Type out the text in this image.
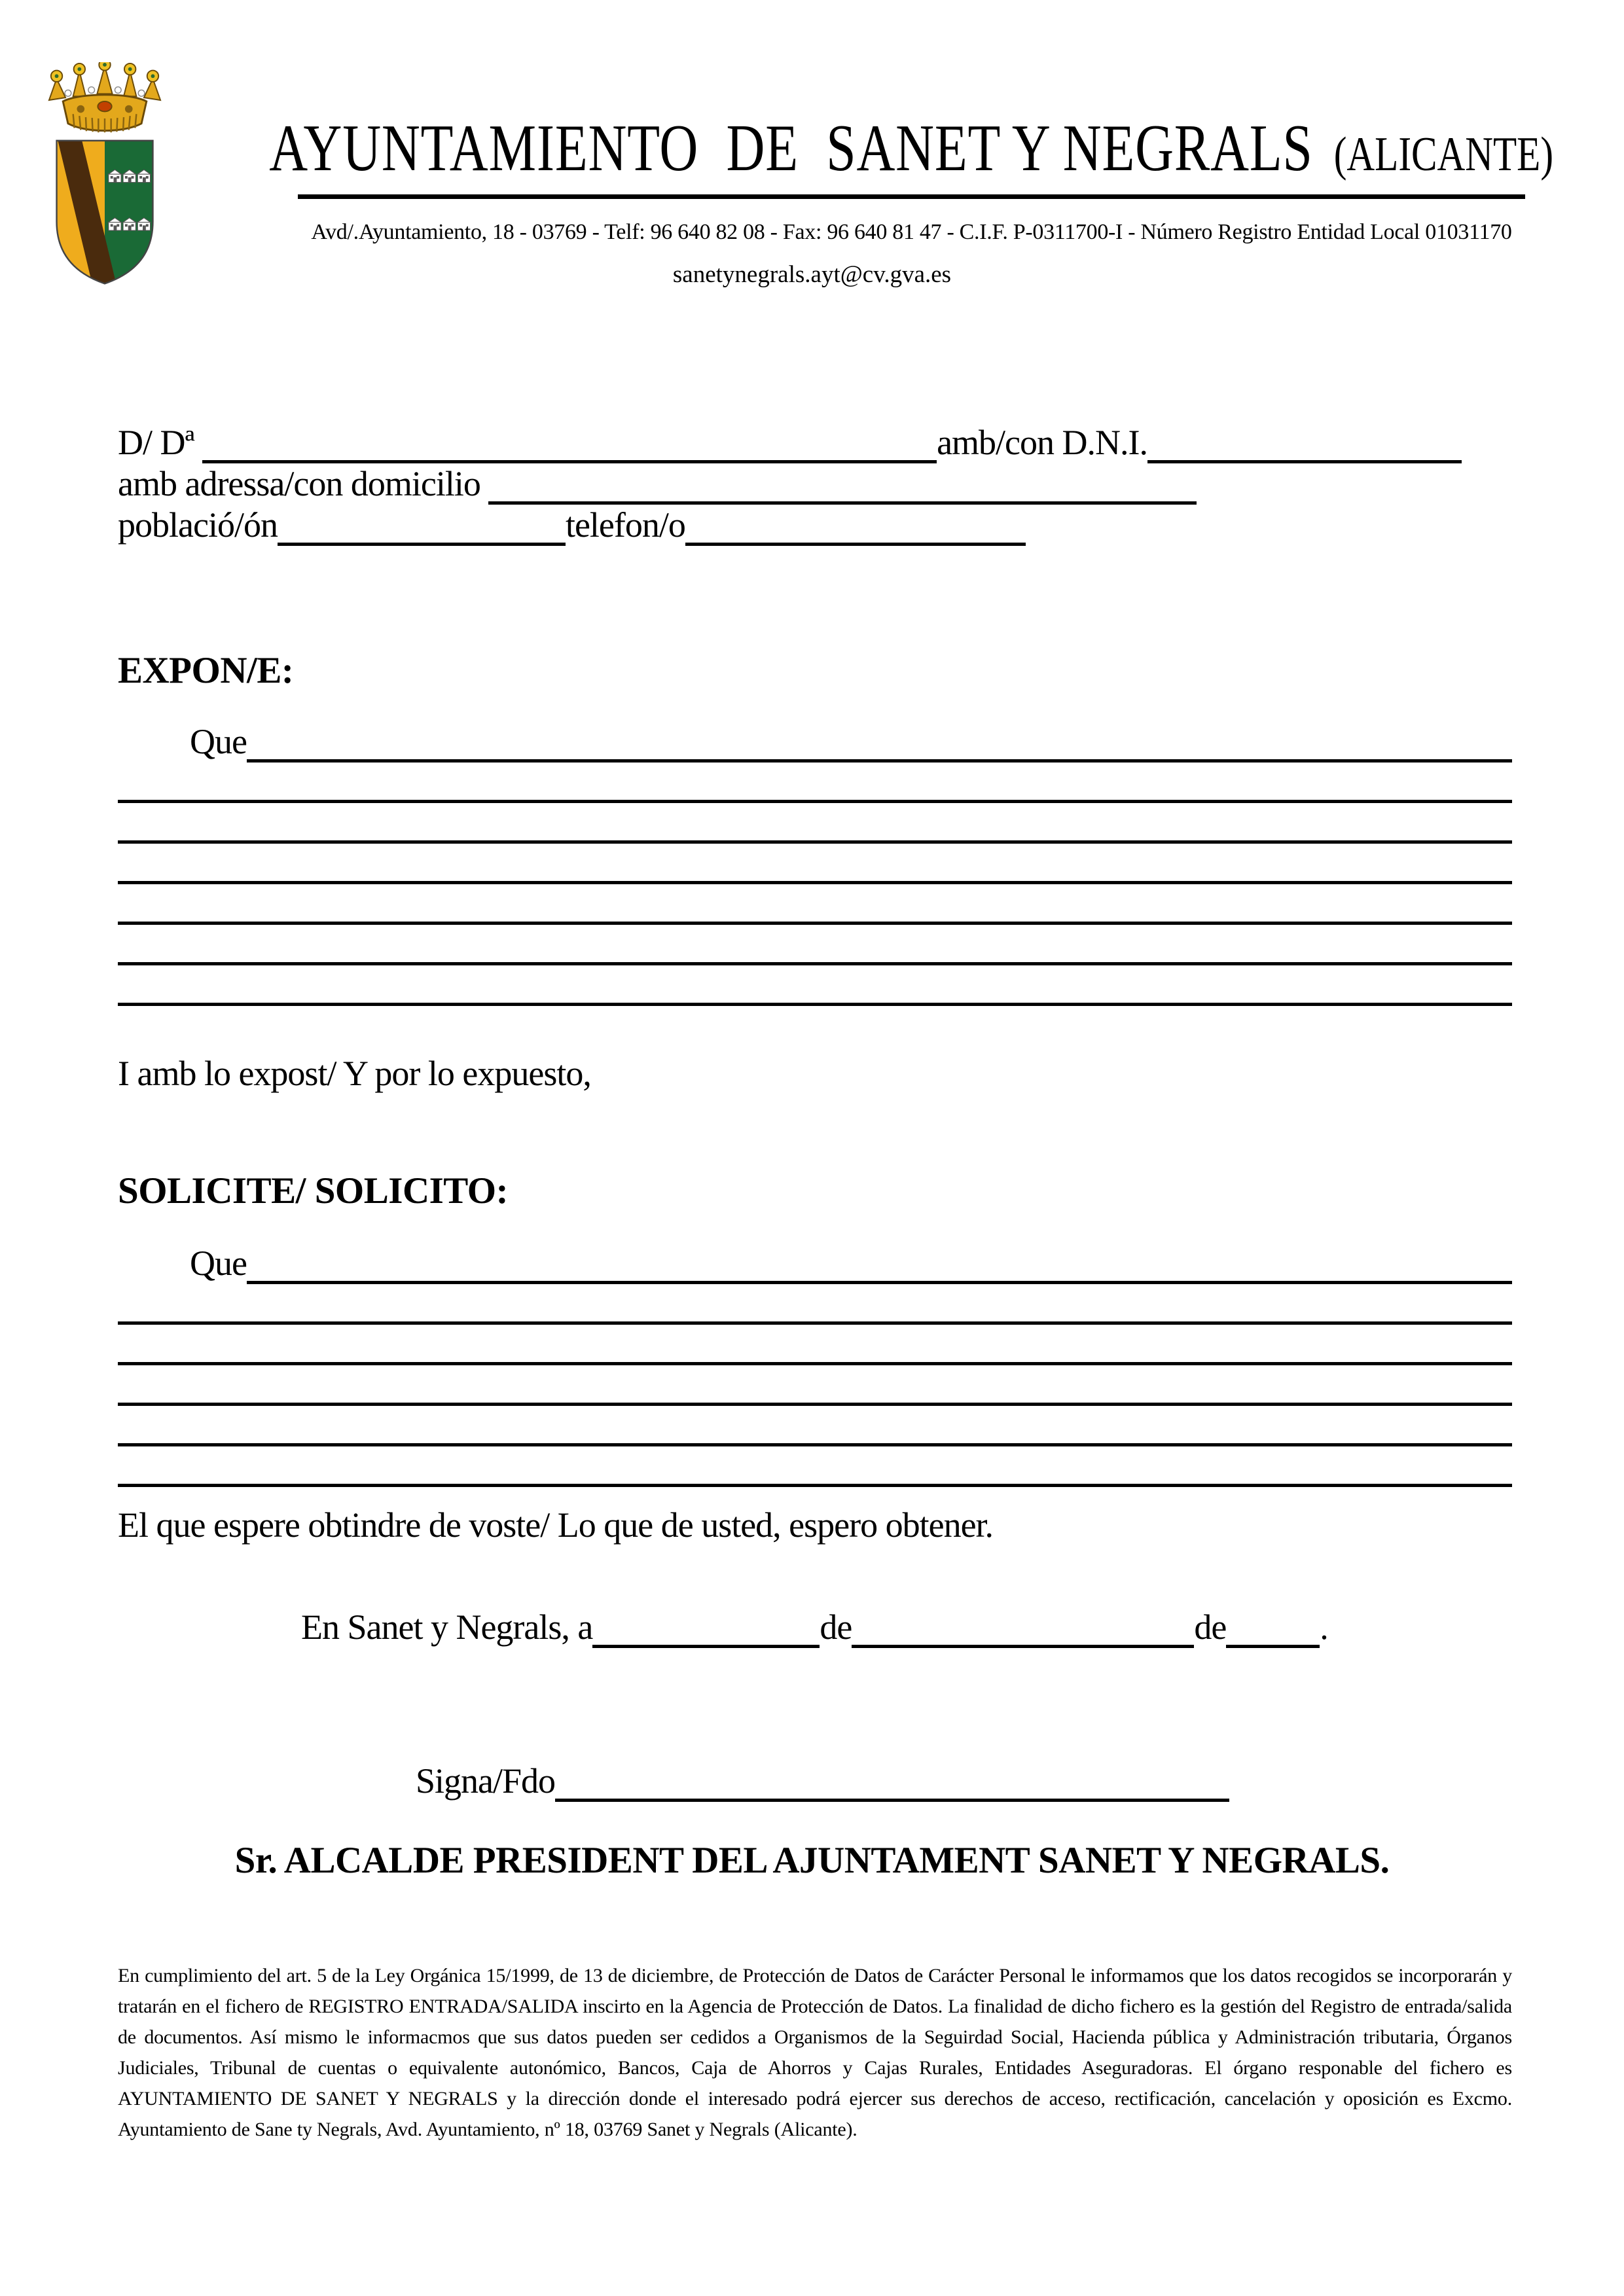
AYUNTAMIENTO  DE  SANET Y NEGRALS (ALICANTE)
Avd/.Ayuntamiento, 18 - 03769 - Telf: 96 640 82 08 - Fax: 96 640 81 47 - C.I.F. P-0311700-I - Número Registro Entidad Local 01031170
sanetynegrals.ayt@cv.gva.es
D/ Dª	amb/con D.N.I.
amb adressa/con domicilio
població/ón	telefon/o
EXPON/E:
Que
I amb lo expost/ Y por lo expuesto,
SOLICITE/ SOLICITO:
Que
El que espere obtindre de voste/ Lo que de usted, espero obtener.
En Sanet y Negrals, a	de	de	.
Signa/Fdo
Sr. ALCALDE PRESIDENT DEL AJUNTAMENT SANET Y NEGRALS.
En cumplimiento del art. 5 de la Ley Orgánica 15/1999, de 13 de diciembre, de Protección de Datos de Carácter Personal le informamos que los datos recogidos se incorporarán y tratarán en el fichero de REGISTRO ENTRADA/SALIDA inscirto en la Agencia de Protección de Datos. La finalidad de dicho fichero es la gestión del Registro de entrada/salida de documentos. Así mismo le informacmos que sus datos pueden ser cedidos a Organismos de la Seguirdad Social, Hacienda pública y Administración tributaria, Órganos Judiciales, Tribunal de cuentas o equivalente autonómico, Bancos, Caja de Ahorros y Cajas Rurales, Entidades Aseguradoras. El órgano responable del fichero es AYUNTAMIENTO DE SANET Y NEGRALS y la dirección donde el interesado podrá ejercer sus derechos de acceso, rectificación, cancelación y oposición es Excmo. Ayuntamiento de Sane ty Negrals, Avd. Ayuntamiento, nº 18, 03769 Sanet y Negrals (Alicante).
